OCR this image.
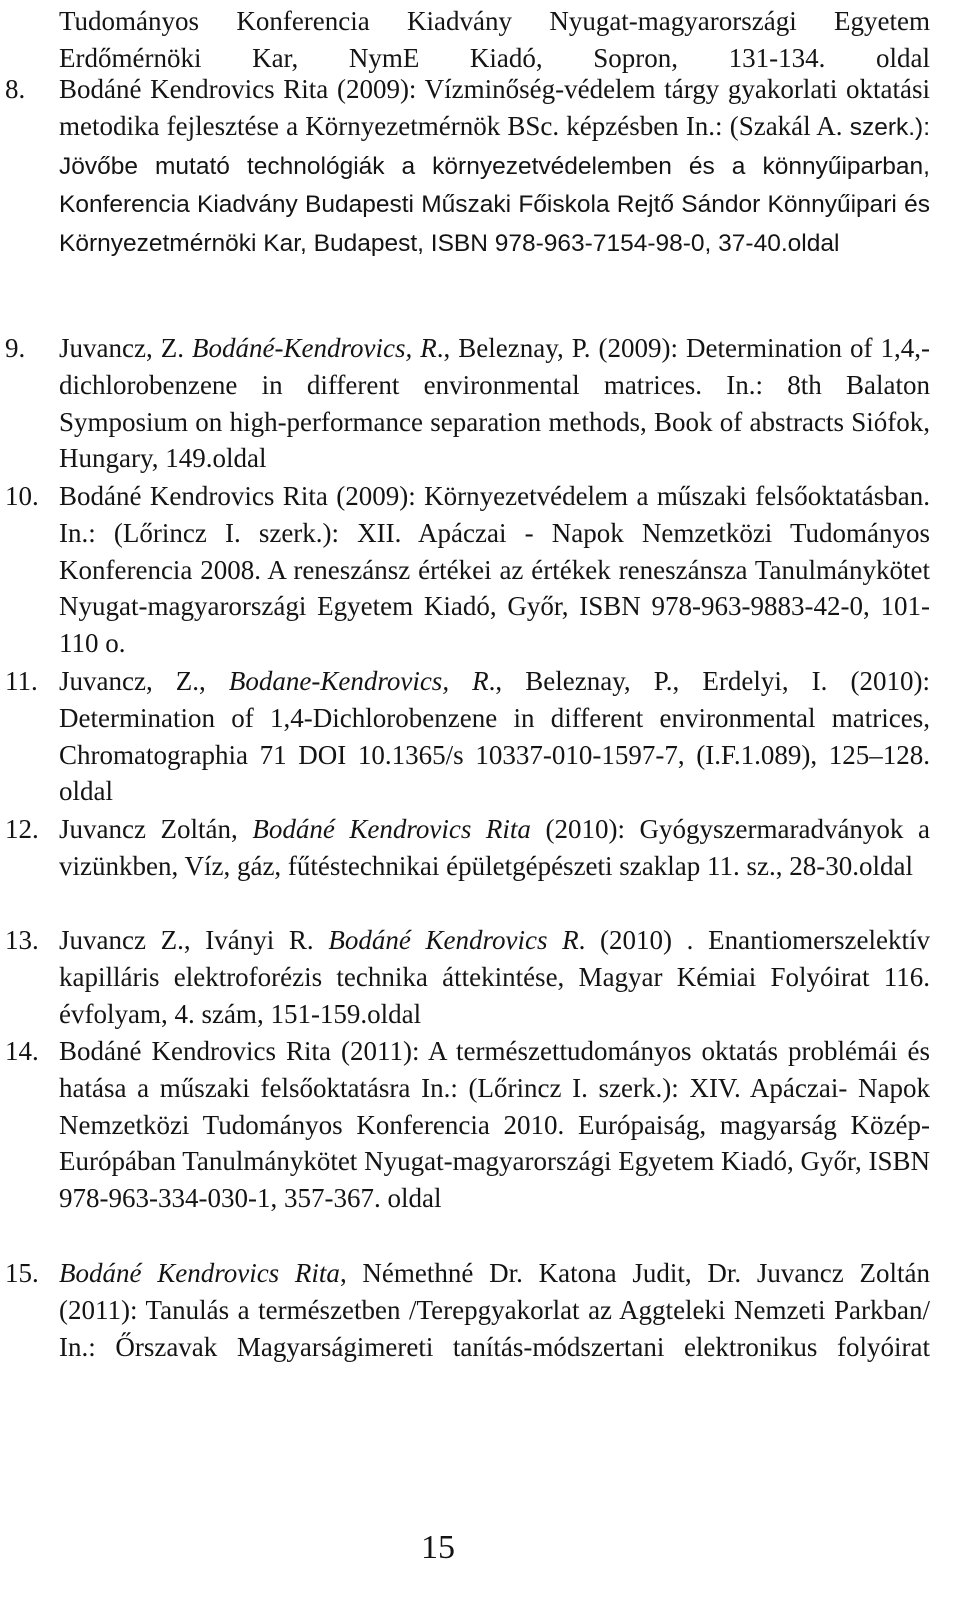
Tudományos Konferencia Kiadvány Nyugat-magyarországi Egyetem Erdőmérnöki Kar, NymE Kiadó, Sopron, 131-134. oldal
8.	Bodáné Kendrovics Rita (2009): Vízminőség-védelem tárgy gyakorlati oktatási metodika fejlesztése a Környezetmérnök BSc. képzésben In.: (Szakál A. szerk.): Jövőbe mutató technológiák a környezetvédelemben és a könnyűiparban, Konferencia Kiadvány Budapesti Műszaki Főiskola Rejtő Sándor Könnyűipari és Környezetmérnöki Kar, Budapest, ISBN 978-963-7154-98-0, 37-40.oldal
9.	Juvancz, Z. Bodáné-Kendrovics, R., Beleznay, P. (2009): Determination of 1,4,-dichlorobenzene in different environmental matrices. In.: 8th Balaton Symposium on high-performance separation methods, Book of abstracts Siófok, Hungary, 149.oldal
10. Bodáné Kendrovics Rita (2009): Környezetvédelem a műszaki felsőoktatásban. In.: (Lőrincz I. szerk.): XII. Apáczai - Napok Nemzetközi Tudományos Konferencia 2008. A reneszánsz értékei az értékek reneszánsza Tanulmánykötet Nyugat-magyarországi Egyetem Kiadó, Győr, ISBN 978-963-9883-42-0, 101-110 o.
11. Juvancz, Z., Bodane-Kendrovics, R., Beleznay, P., Erdelyi, I. (2010): Determination of 1,4-Dichlorobenzene in different environmental matrices, Chromatographia 71 DOI 10.1365/s 10337-010-1597-7, (I.F.1.089), 125–128. oldal
12. Juvancz Zoltán, Bodáné Kendrovics Rita (2010): Gyógyszermaradványok a vizünkben, Víz, gáz, fűtéstechnikai épületgépészeti szaklap 11. sz., 28-30.oldal
13. Juvancz Z., Iványi R. Bodáné Kendrovics R. (2010) . Enantiomerszelektív kapilláris elektroforézis technika áttekintése, Magyar Kémiai Folyóirat 116. évfolyam, 4. szám, 151-159.oldal
14. Bodáné Kendrovics Rita (2011): A természettudományos oktatás problémái és hatása a műszaki felsőoktatásra In.: (Lőrincz I. szerk.): XIV. Apáczai- Napok Nemzetközi Tudományos Konferencia 2010. Európaiság, magyarság Közép-Európában Tanulmánykötet Nyugat-magyarországi Egyetem Kiadó, Győr, ISBN 978-963-334-030-1, 357-367. oldal
15. Bodáné Kendrovics Rita, Némethné Dr. Katona Judit, Dr. Juvancz Zoltán (2011): Tanulás a természetben /Terepgyakorlat az Aggteleki Nemzeti Parkban/ In.: Őrszavak Magyarságimereti tanítás-módszertani elektronikus folyóirat
15
